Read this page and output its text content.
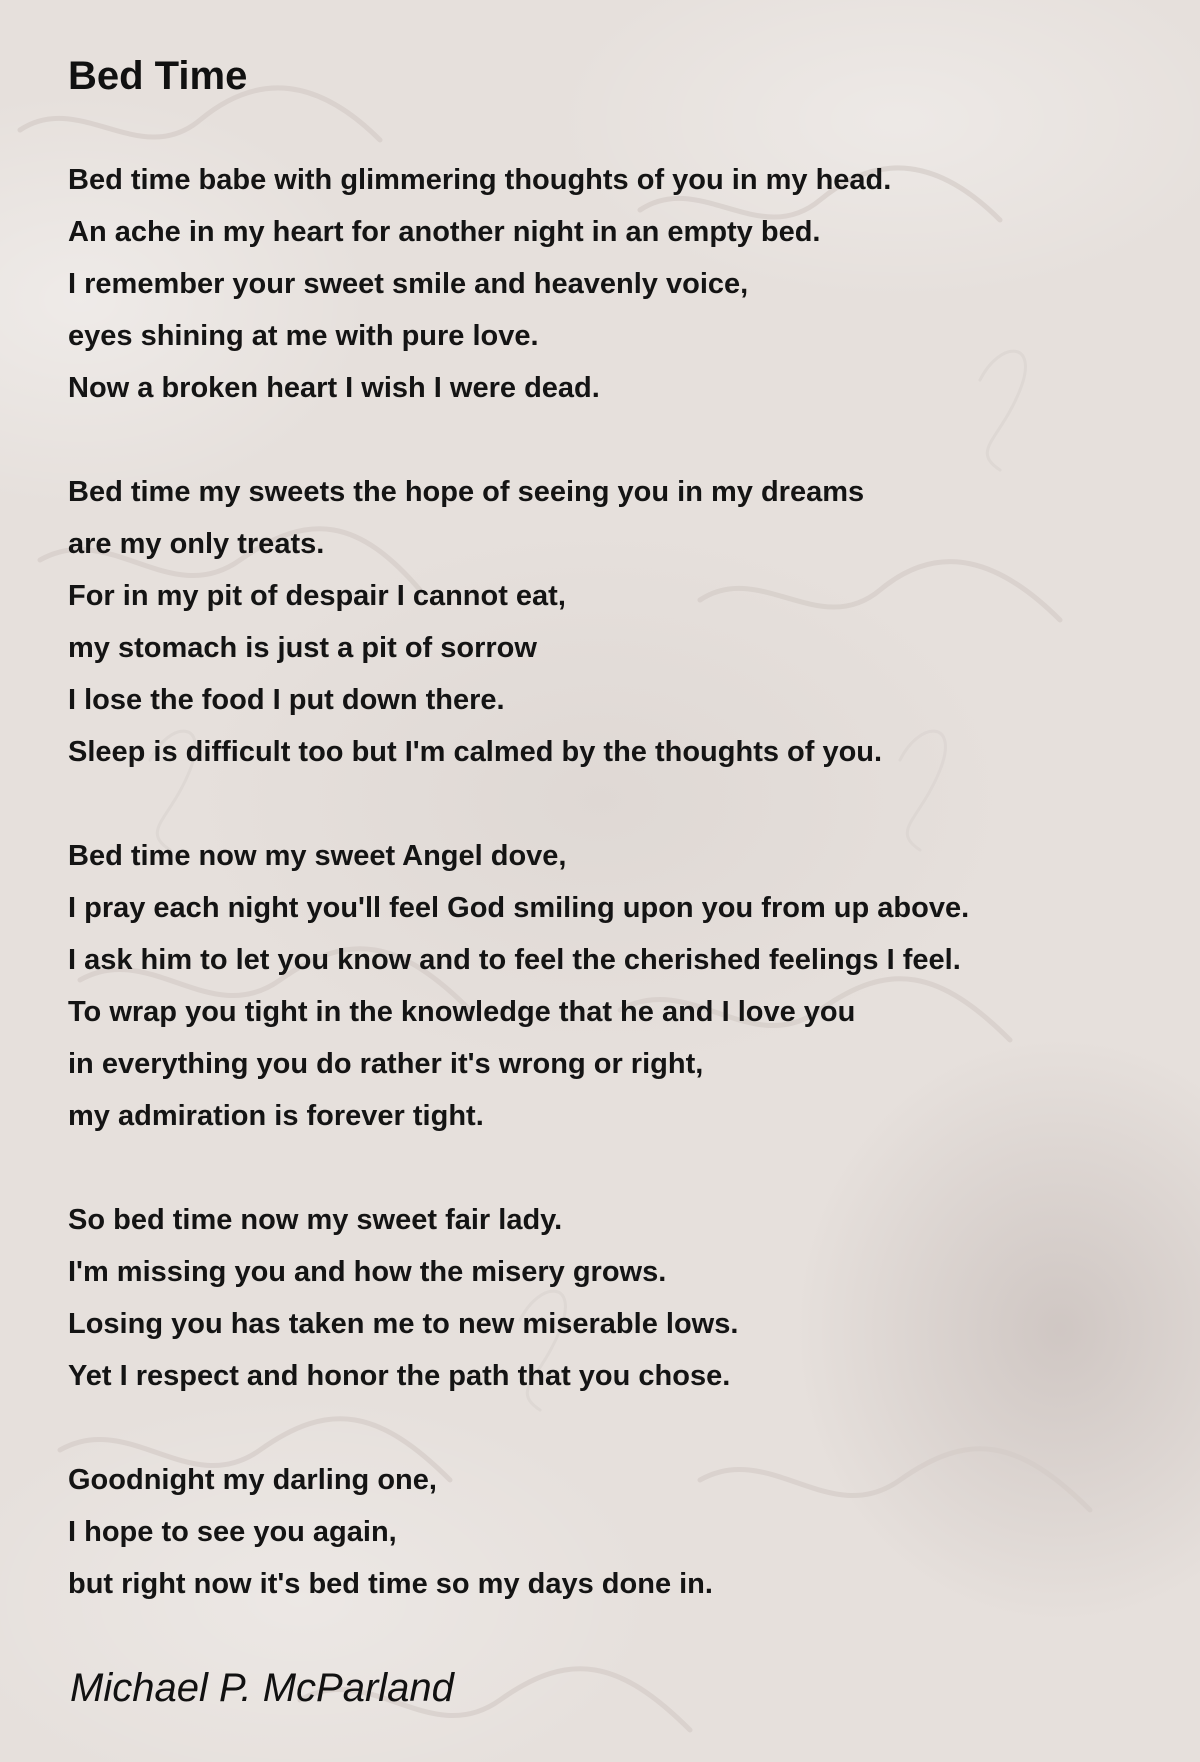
Bed Time
Bed time babe with glimmering thoughts of you in my head.
An ache in my heart for another night in an empty bed.
I remember your sweet smile and heavenly voice,
eyes shining at me with pure love.
Now a broken heart I wish I were dead.
Bed time my sweets the hope of seeing you in my dreams
are my only treats.
For in my pit of despair I cannot eat,
my stomach is just a pit of sorrow
I lose the food I put down there.
Sleep is difficult too but I'm calmed by the thoughts of you.
Bed time now my sweet Angel dove,
I pray each night you'll feel God smiling upon you from up above.
I ask him to let you know and to feel the cherished feelings I feel.
To wrap you tight in the knowledge that he and I love you
in everything you do rather it's wrong or right,
my admiration is forever tight.
So bed time now my sweet fair lady.
I'm missing you and how the misery grows.
Losing you has taken me to new miserable lows.
Yet I respect and honor the path that you chose.
Goodnight my darling one,
I hope to see you again,
but right now it's bed time so my days done in.
Michael P. McParland
